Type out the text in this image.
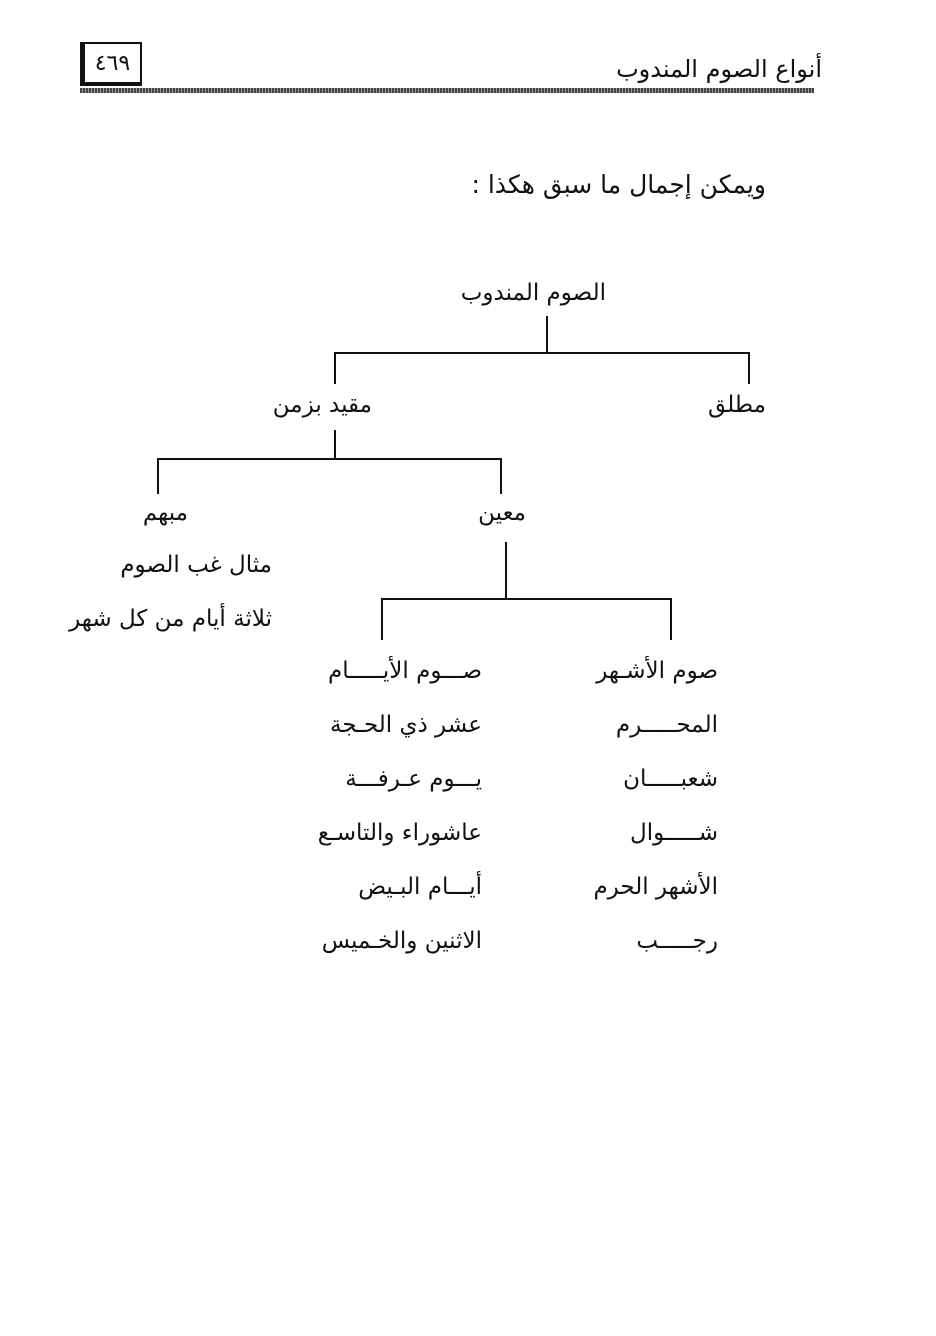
٤٦٩	أنواع الصوم المندوب
ويمكن إجمال ما سبق هكذا :
الصوم المندوب
مطلق
مقيد بزمن
مبهم	معين
مثال غب الصوم
ثلاثة أيام من كل شهر
صوم الأشـهر
المحـــــرم
شعبـــــان
شـــــوال
الأشهر الحرم
رجـــــب
صـــوم الأيـــــام
عشر ذي الحـجة
يـــوم عـرفـــة
عاشوراء والتاسـع
أيـــام البـيض
الاثنين والخـميس
